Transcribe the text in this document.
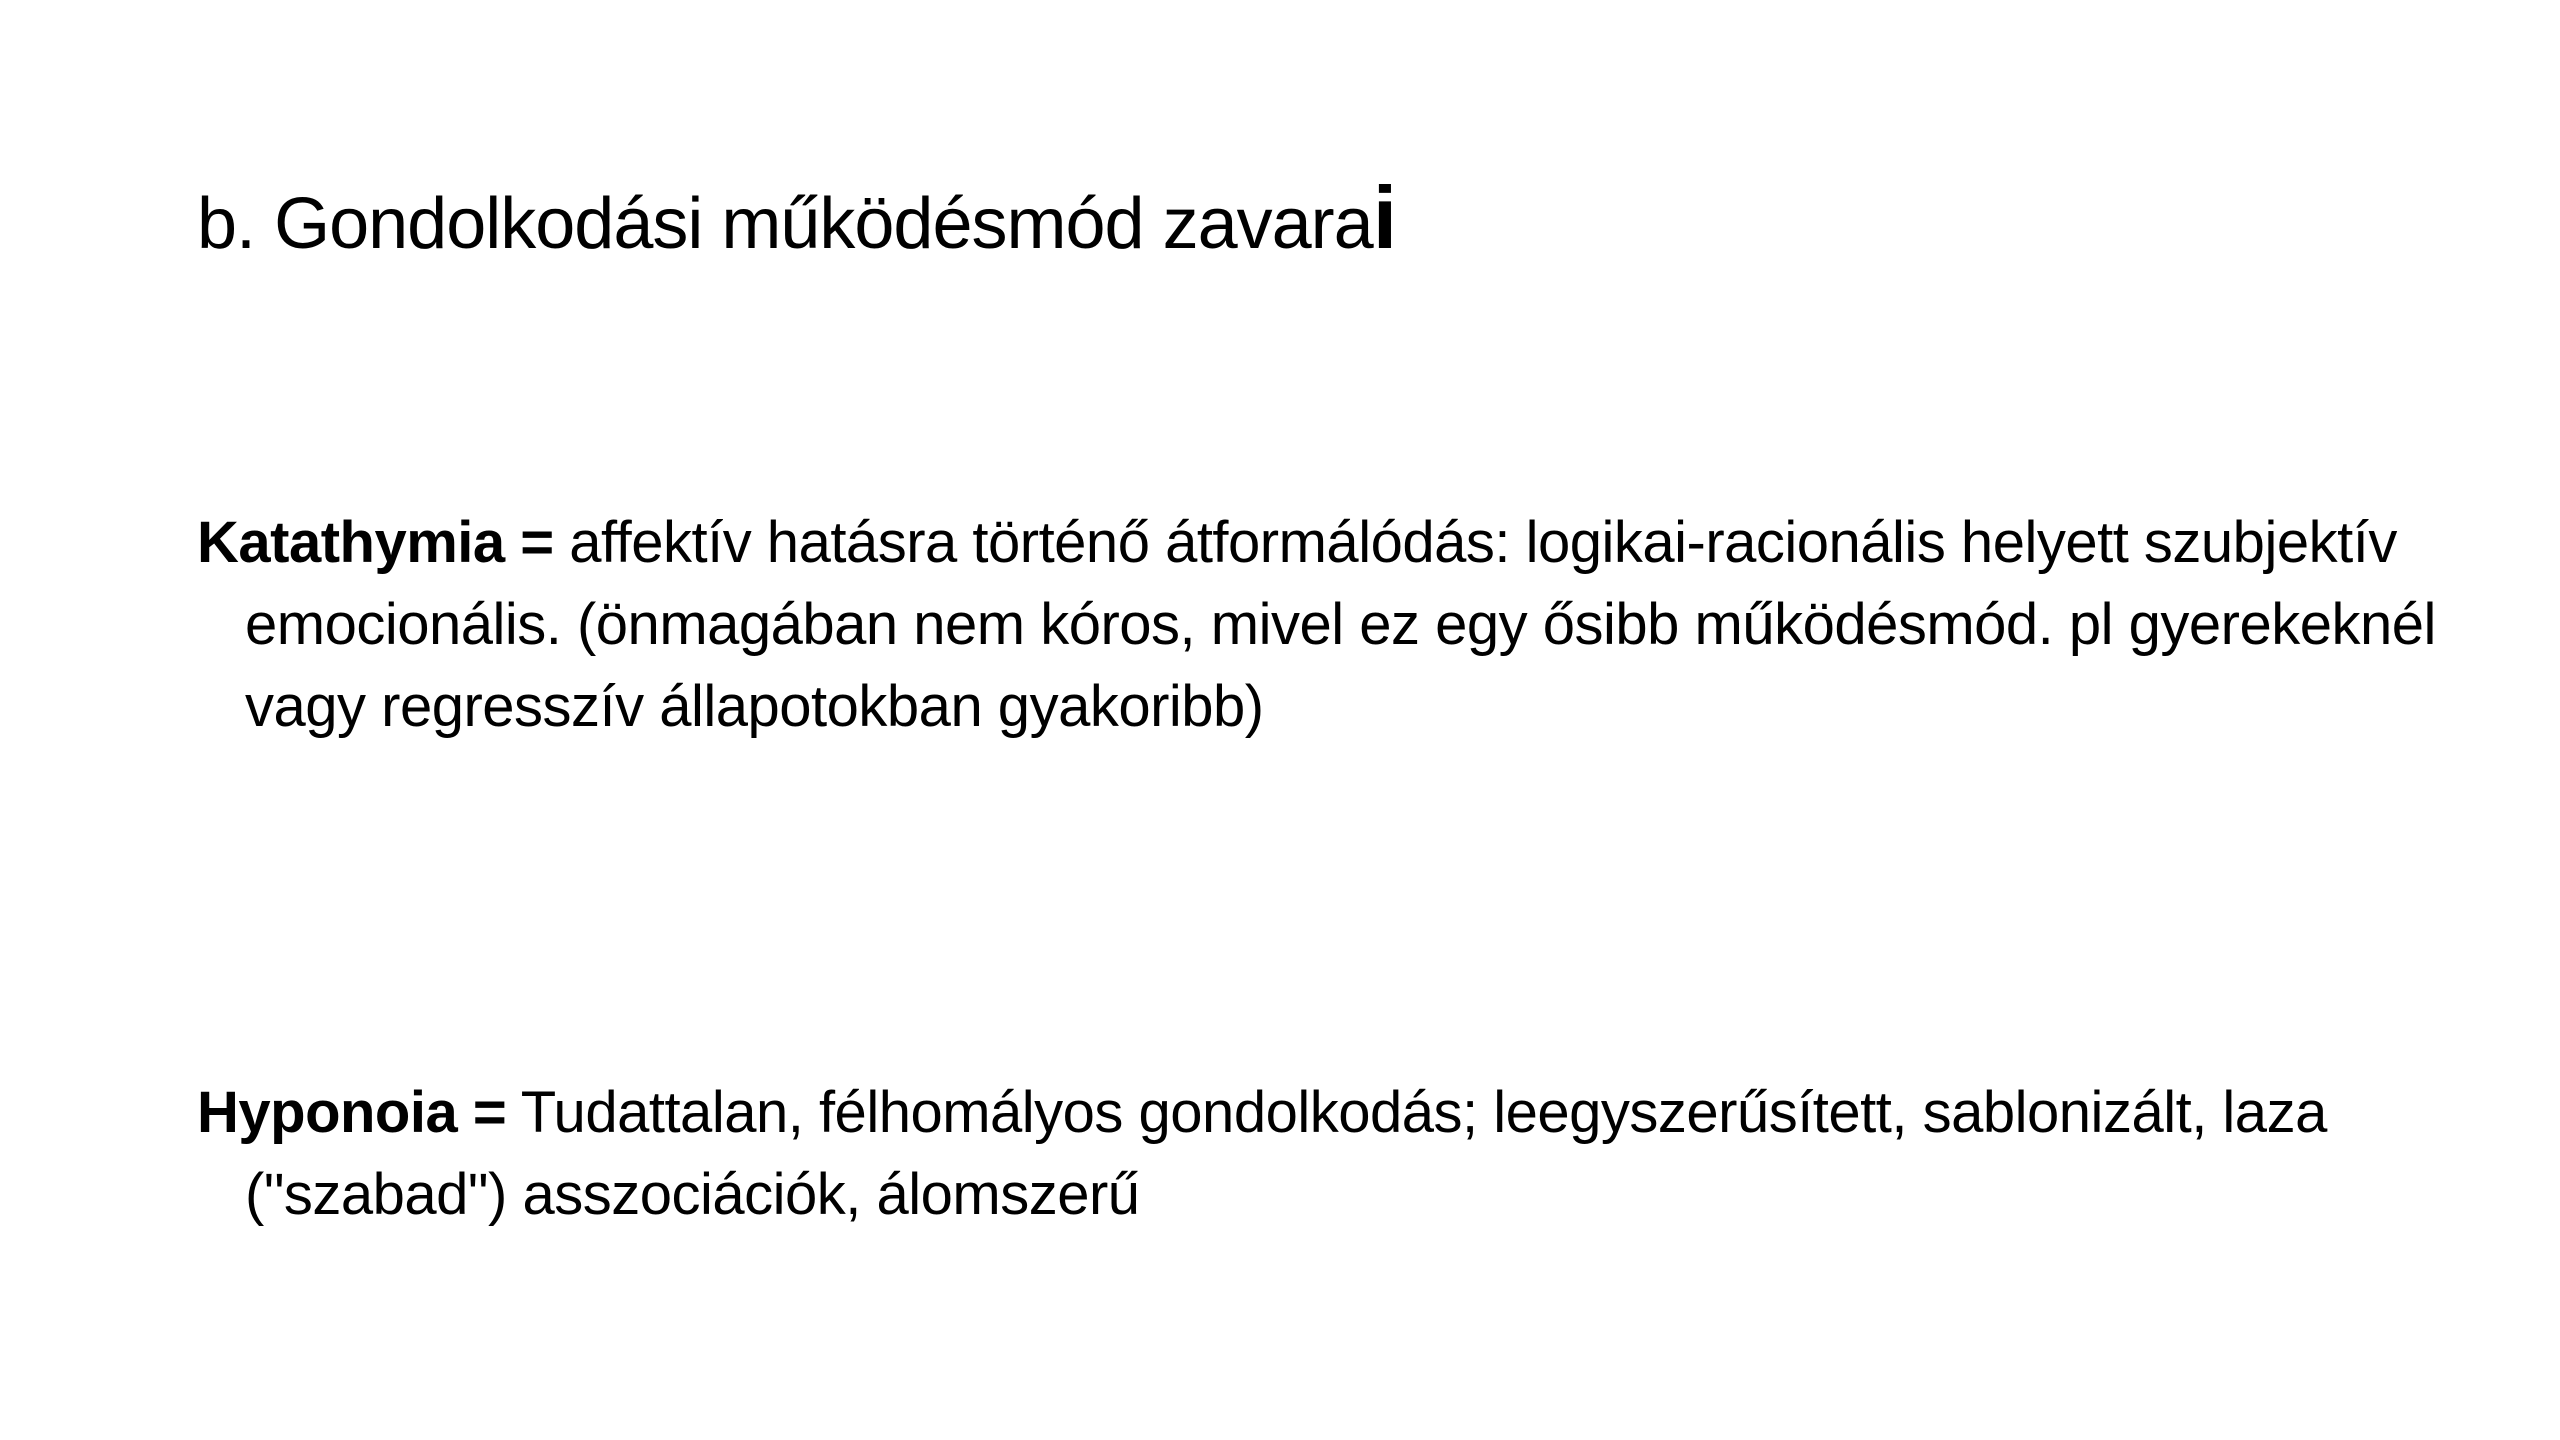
b. Gondolkodási működésmód zavarai
Katathymia = affektív hatásra történő átformálódás: logikai-racionális helyett szubjektív emocionális. (önmagában nem kóros, mivel ez egy ősibb működésmód. pl gyerekeknél vagy regresszív állapotokban gyakoribb)
Hyponoia = Tudattalan, félhomályos gondolkodás; leegyszerűsített, sablonizált, laza ("szabad") asszociációk, álomszerű
